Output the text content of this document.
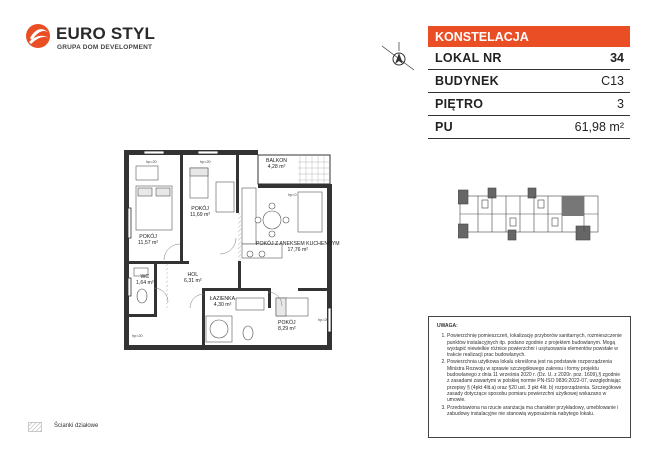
EURO STYL
GRUPA DOM DEVELOPMENT
KONSTELACJA
LOKAL NR	34
BUDYNEK	C13
PIĘTRO	3
PU	61,98 m²
UWAGA:
1. Powierzchnię pomieszczeń, lokalizację przyborów sanitarnych, rozmieszczenie punktów instalacyjnych itp. podano zgodnie z projektem budowlanym. Mogą wystąpić niewielkie różnice powierzchni i usytuowania elementów powstałe w trakcie realizacji prac budowlanych.
2. Powierzchnia użytkowa lokalu określona jest na podstawie rozporządzenia Ministra Rozwoju w sprawie szczegółowego zakresu i formy projektu budowlanego z dnia 11 września 2020 r. (Dz. U. z 2020r. poz. 1609),§ zgodnie z zasadami zawartymi w polskiej normie PN-ISO 9836:2022-07, uwzględniając przepisy § (4pkt 4lit.a) oraz §20 ust. 3 pkt 4lit. b) rozporządzenia. Szczegółowe zasady dotyczące sposobu pomiaru powierzchni użytkowej wskazano w umowie.
3. Przedstawiona na rzucie aranżacja ma charakter przykładowy, umeblowanie i zabudowy instalacyjne nie stanowią wyposażenia nabytego lokalu.
BALKON
4,28 m²
POKÓJ
11,57 m²
POKÓJ
11,69 m²
POKÓJ Z ANEKSEM KUCHENNYM
17,76 m²
WC
1,64 m²
HOL
6,31 m²
ŁAZIENKA
4,30 m²
POKÓJ
8,29 m²
hp=20	hp=20
hp=0
hp=20
hp=20
Ścianki działowe
